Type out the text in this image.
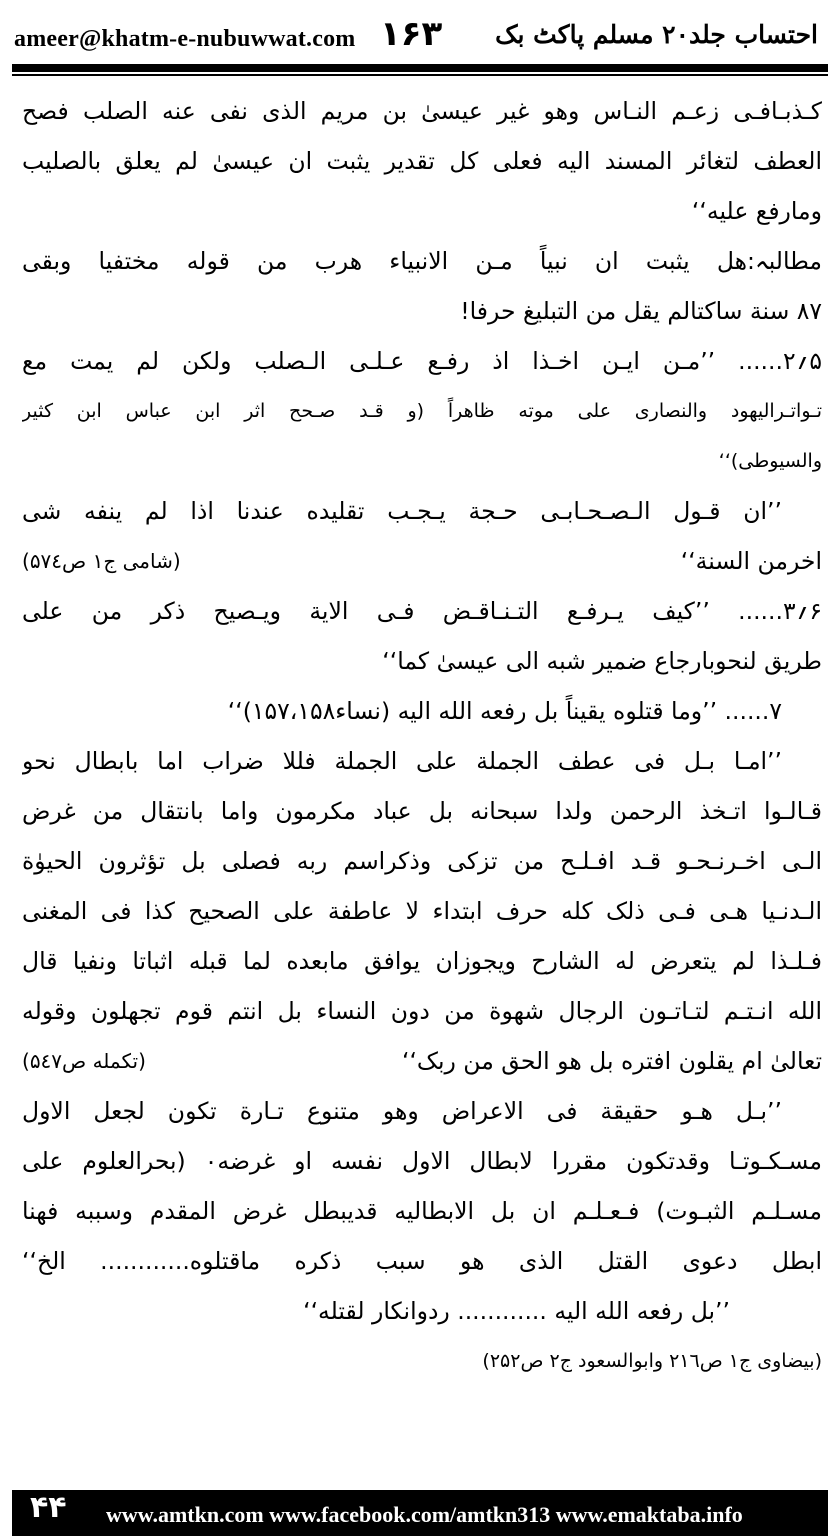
ameer@khatm-e-nubuwwat.com ۱۶۳ احتساب جلد۲۰ مسلم پاکٹ بک
کـذبـافـی زعـم النـاس وهو غیر عیسیٰ بن مریم الذی نفی عنه الصلب فصح
العطف لتغائر المسند الیه فعلی کل تقدیر یثبت ان عیسیٰ لم یعلق بالصلیب
ومارفع علیه‘‘
مطالبہ:هل یثبت ان نبیاً مـن الانبیاء هرب من قوله مختفیا وبقی
۸۷ سنة ساکتالم یقل من التبلیغ حرفا!
۵؍۲...... ’’مـن ایـن اخـذا اذ رفـع عـلـی الـصلب ولکن لم یمت مع
تـواتـرالیهود والنصاری علی موته ظاهراً (و قـد صـحح اثر ابن عباس ابن کثیر
والسیوطی)‘‘
’’ان قـول الـصـحـابـی حـجة یـجـب تقلیده عندنا اذا لم ینفه شی
اخرمن السنة‘‘
(شامی ج۱ ص۵۷٤)
۶؍۳...... ’’کیف یـرفـع التـنـاقـض فـی الایة ویـصیح ذکر من علی
طریق لنحوبارجاع ضمیر شبه الی عیسیٰ کما‘‘
۷...... ’’وما قتلوه یقیناً بل رفعه الله الیه (نساء۱۵۷،۱۵۸)‘‘
’’امـا بـل فی عطف الجملة علی الجملة فللا ضراب اما بابطال نحو
قـالـوا اتـخذ الرحمن ولدا سبحانه بل عباد مکرمون واما بانتقال من غرض
الـی اخـرنـحـو قـد افـلـح من تزکی وذکراسم ربه فصلی بل تؤثرون الحیوٰة
الـدنـیا هـی فـی ذلک کله حرف ابتداء لا عاطفة علی الصحیح کذا فی المغنی
فـلـذا لم یتعرض له الشارح ویجوزان یوافق مابعده لما قبله اثباتا ونفیا قال
الله انـتـم لتـاتـون الرجال شهوة من دون النساء بل انتم قوم تجهلون وقوله
تعالیٰ ام یقلون افتره بل هو الحق من ربک‘‘
(تکمله ص۵٤۷)
’’بـل هـو حقیقة فی الاعراض وهو متنوع تـارة تکون لجعل الاول
مسـکـوتـا وقدتکون مقررا لابطال الاول نفسه او غرضه۰ (بحرالعلوم علی
مسـلـم الثبـوت) فـعـلـم ان بل الابطالیه قدیبطل غرض المقدم وسببه فهنا
ابطل دعوی القتل الذی هو سبب ذکره ماقتلوه............ الخ‘‘
’’بل رفعه الله الیه ............ ردوانکار لقتله‘‘
(بیضاوی ج۱ ص۲۱٦ وابوالسعود ج۲ ص۲۵۲)
۴۴ www.amtkn.com www.facebook.com/amtkn313 www.emaktaba.info
